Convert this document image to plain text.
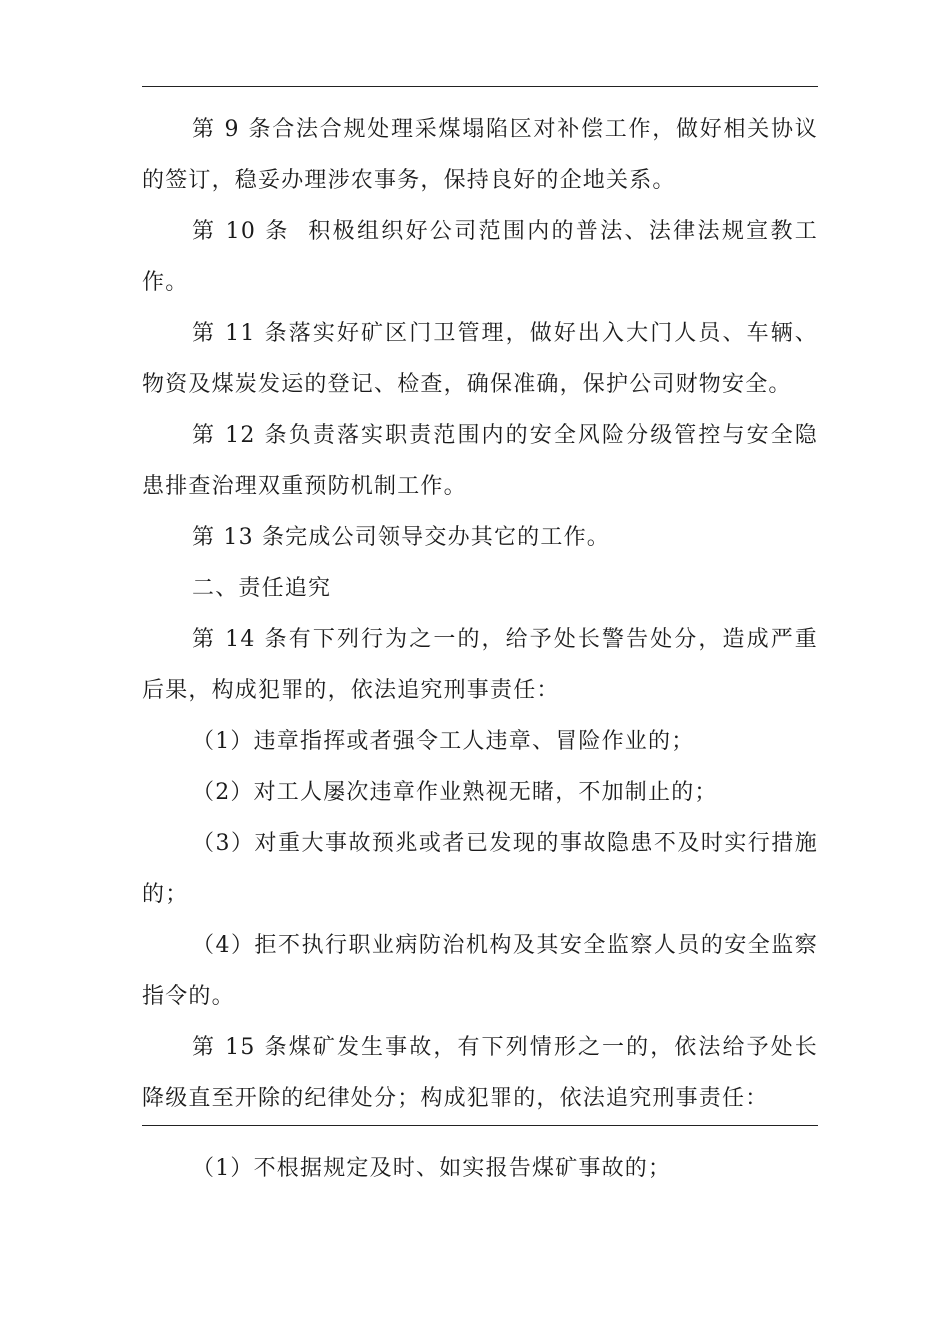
第 9 条合法合规处理采煤塌陷区对补偿工作，做好相关协议的签订，稳妥办理涉农事务，保持良好的企地关系。

第 10 条  积极组织好公司范围内的普法、法律法规宣教工作。

第 11 条落实好矿区门卫管理，做好出入大门人员、车辆、物资及煤炭发运的登记、检查，确保准确，保护公司财物安全。

第 12 条负责落实职责范围内的安全风险分级管控与安全隐患排查治理双重预防机制工作。

第 13 条完成公司领导交办其它的工作。

二、责任追究

第 14 条有下列行为之一的，给予处长警告处分，造成严重后果，构成犯罪的，依法追究刑事责任：

（1）违章指挥或者强令工人违章、冒险作业的；

（2）对工人屡次违章作业熟视无睹，不加制止的；

（3）对重大事故预兆或者已发现的事故隐患不及时实行措施的；

（4）拒不执行职业病防治机构及其安全监察人员的安全监察指令的。

第 15 条煤矿发生事故，有下列情形之一的，依法给予处长降级直至开除的纪律处分；构成犯罪的，依法追究刑事责任：

（1）不根据规定及时、如实报告煤矿事故的；
